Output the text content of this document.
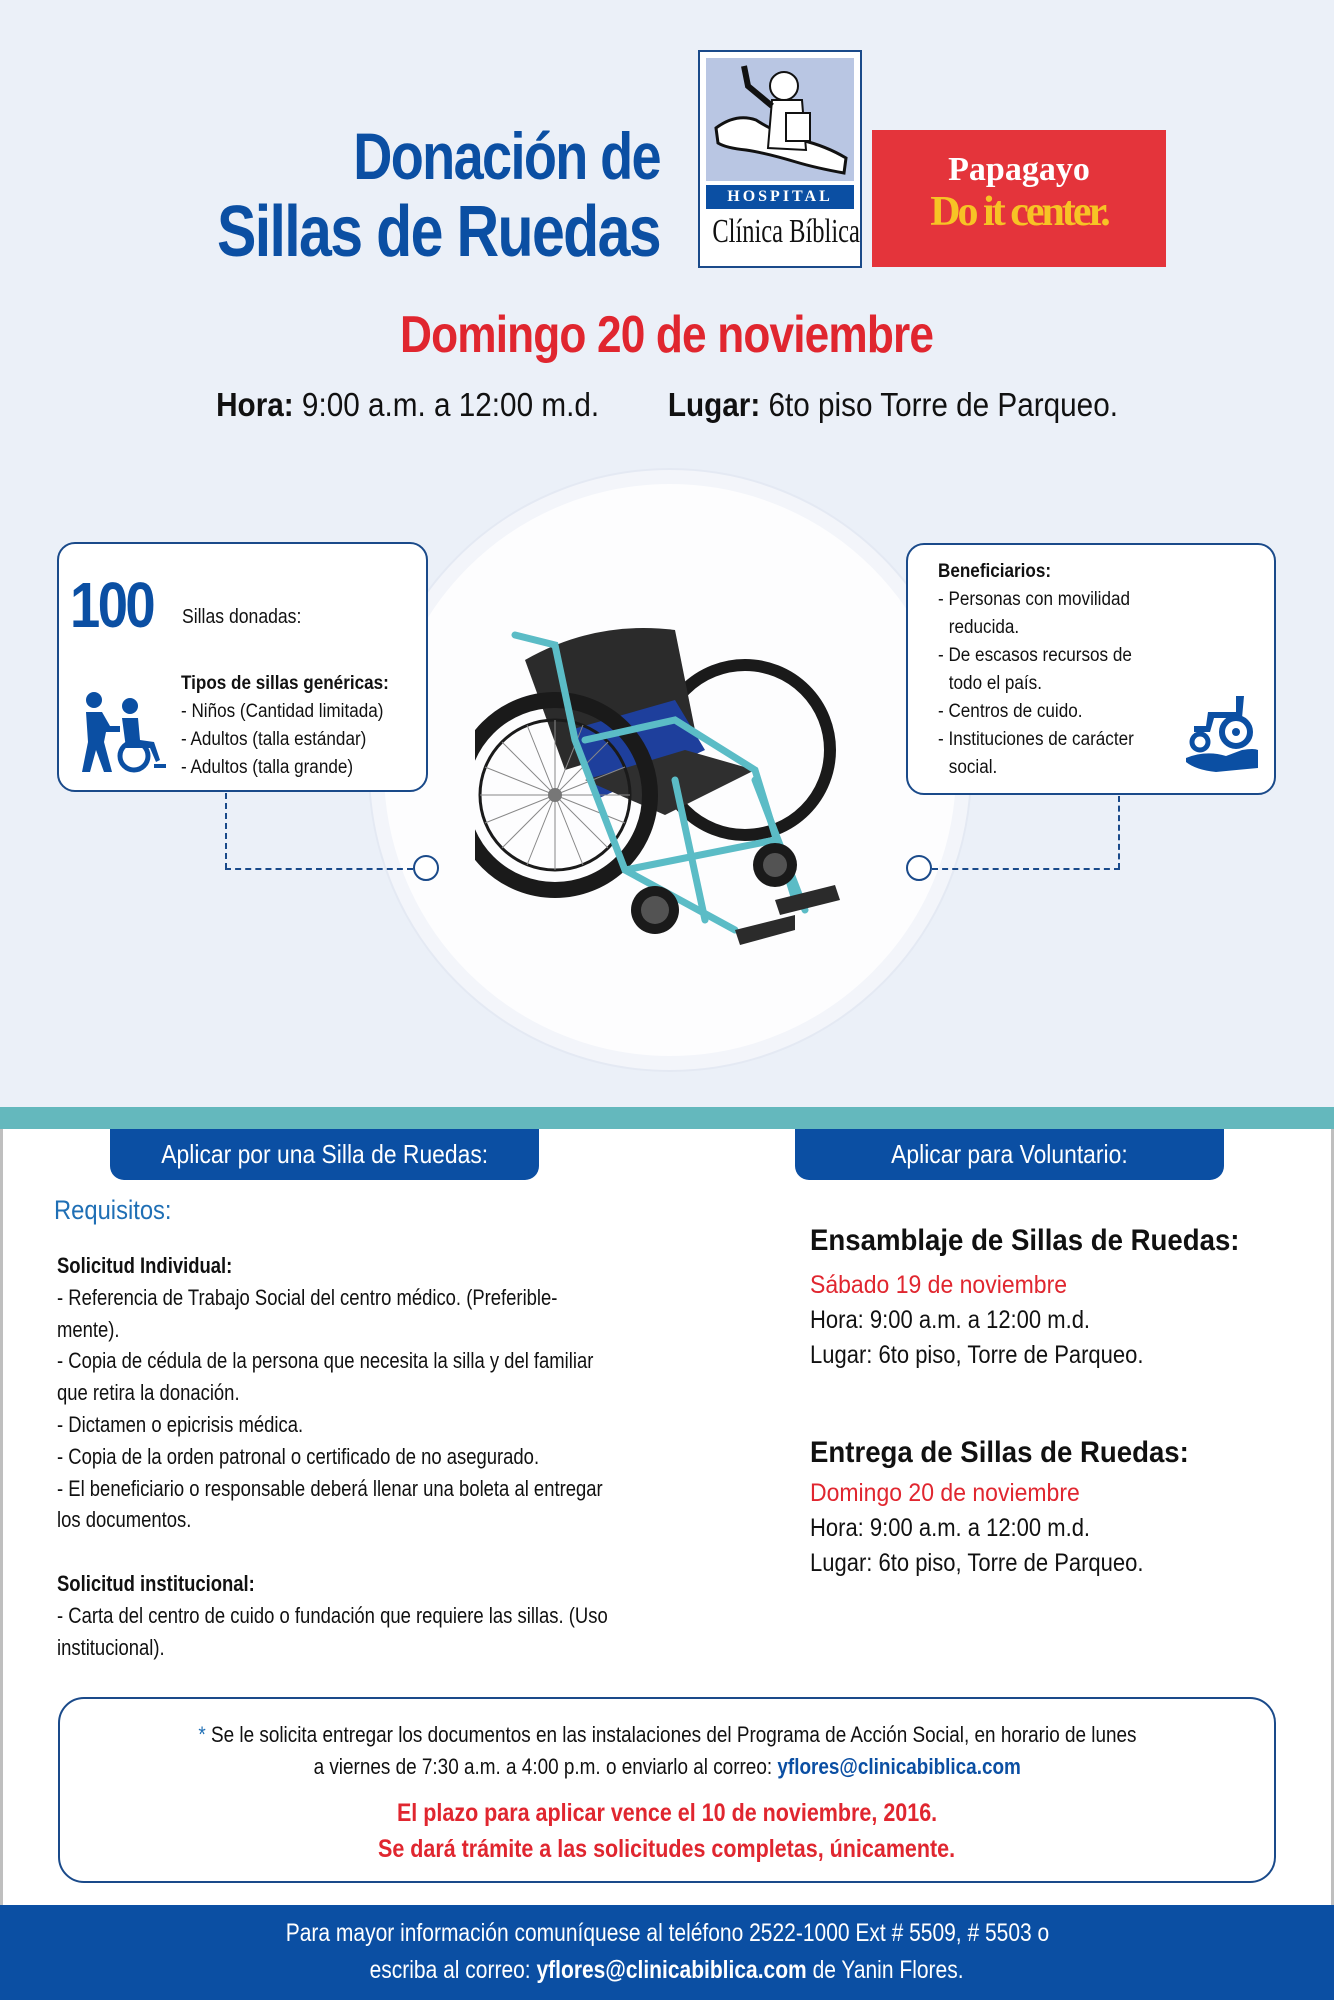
Donación de
Sillas de Ruedas	HOSPITAL
Clínica Bíblica
Papagayo
Do it center.
Domingo 20 de noviembre
Hora: 9:00 a.m. a 12:00 m.d. Lugar: 6to piso Torre de Parqueo.
100 Sillas donadas:
Tipos de sillas genéricas:
- Niños (Cantidad limitada)
- Adultos (talla estándar)
- Adultos (talla grande)
Beneficiarios:
- Personas con movilidad
reducida.
- De escasos recursos de
todo el país.
- Centros de cuido.
- Instituciones de carácter
social.
Aplicar por una Silla de Ruedas:	Aplicar para Voluntario:
Requisitos:
Solicitud Individual:
- Referencia de Trabajo Social del centro médico. (Preferible-
mente).
- Copia de cédula de la persona que necesita la silla y del familiar
que retira la donación.
- Dictamen o epicrisis médica.
- Copia de la orden patronal o certificado de no asegurado.
- El beneficiario o responsable deberá llenar una boleta al entregar
los documentos.
Solicitud institucional:
- Carta del centro de cuido o fundación que requiere las sillas. (Uso
institucional).
Ensamblaje de Sillas de Ruedas:
Sábado 19 de noviembre
Hora: 9:00 a.m. a 12:00 m.d.
Lugar: 6to piso, Torre de Parqueo.
Entrega de Sillas de Ruedas:
Domingo 20 de noviembre
Hora: 9:00 a.m. a 12:00 m.d.
Lugar: 6to piso, Torre de Parqueo.
* Se le solicita entregar los documentos en las instalaciones del Programa de Acción Social, en horario de lunes
a viernes de 7:30 a.m. a 4:00 p.m. o enviarlo al correo: yflores@clinicabiblica.com
El plazo para aplicar vence el 10 de noviembre, 2016.
Se dará trámite a las solicitudes completas, únicamente.
Para mayor información comuníquese al teléfono 2522-1000 Ext # 5509, # 5503 o
escriba al correo: yflores@clinicabiblica.com de Yanin Flores.
